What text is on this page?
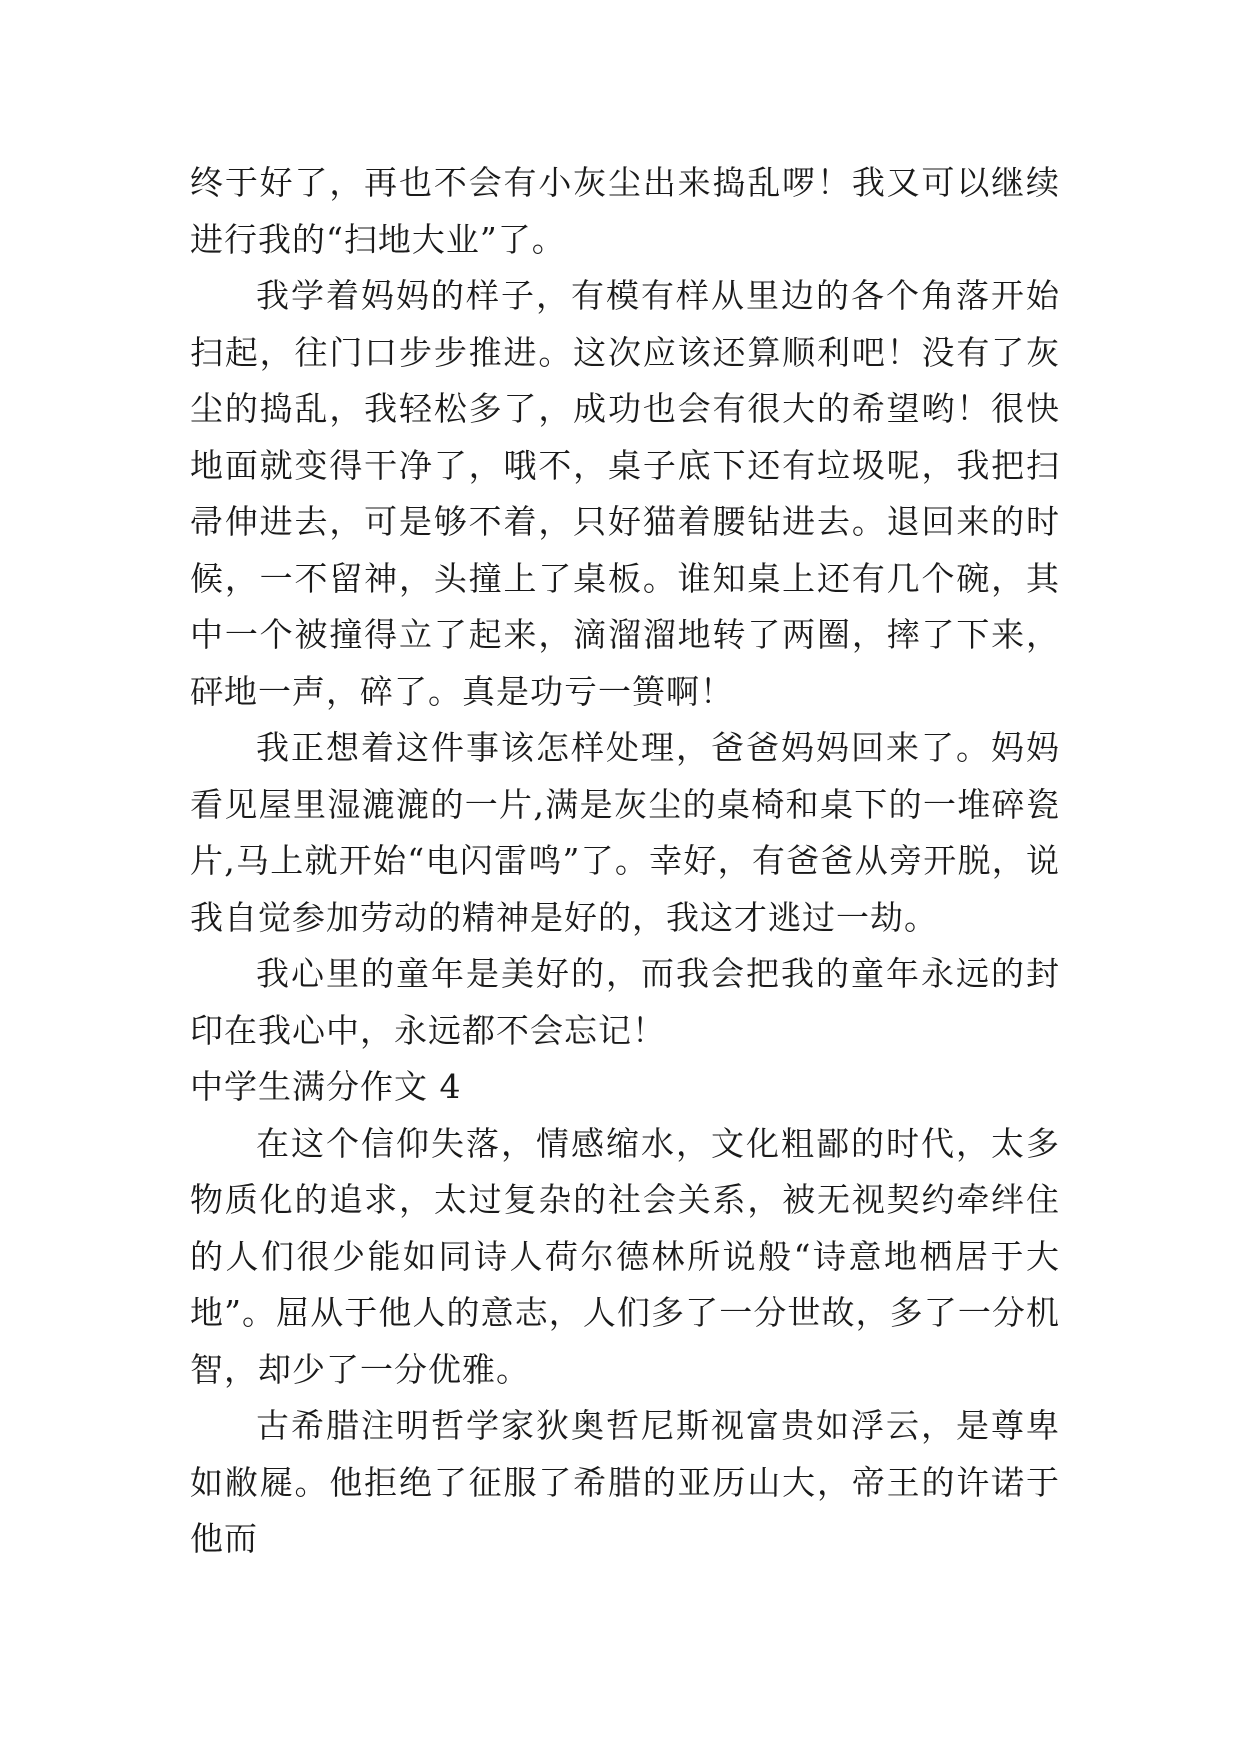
终于好了，再也不会有小灰尘出来捣乱啰！我又可以继续进行我的“扫地大业”了。

我学着妈妈的样子，有模有样从里边的各个角落开始扫起，往门口步步推进。这次应该还算顺利吧！没有了灰尘的捣乱，我轻松多了，成功也会有很大的希望哟！很快地面就变得干净了，哦不，桌子底下还有垃圾呢，我把扫帚伸进去，可是够不着，只好猫着腰钻进去。退回来的时候，一不留神，头撞上了桌板。谁知桌上还有几个碗，其中一个被撞得立了起来，滴溜溜地转了两圈，摔了下来，砰地一声，碎了。真是功亏一篑啊！

我正想着这件事该怎样处理，爸爸妈妈回来了。妈妈看见屋里湿漉漉的一片,满是灰尘的桌椅和桌下的一堆碎瓷片,马上就开始“电闪雷鸣”了。幸好，有爸爸从旁开脱，说我自觉参加劳动的精神是好的，我这才逃过一劫。

我心里的童年是美好的，而我会把我的童年永远的封印在我心中，永远都不会忘记！

中学生满分作文 4

在这个信仰失落，情感缩水，文化粗鄙的时代，太多物质化的追求，太过复杂的社会关系，被无视契约牵绊住的人们很少能如同诗人荷尔德林所说般“诗意地栖居于大地”。屈从于他人的意志，人们多了一分世故，多了一分机智，却少了一分优雅。

古希腊注明哲学家狄奥哲尼斯视富贵如浮云，是尊卑如敝屣。他拒绝了征服了希腊的亚历山大，帝王的许诺于他而
